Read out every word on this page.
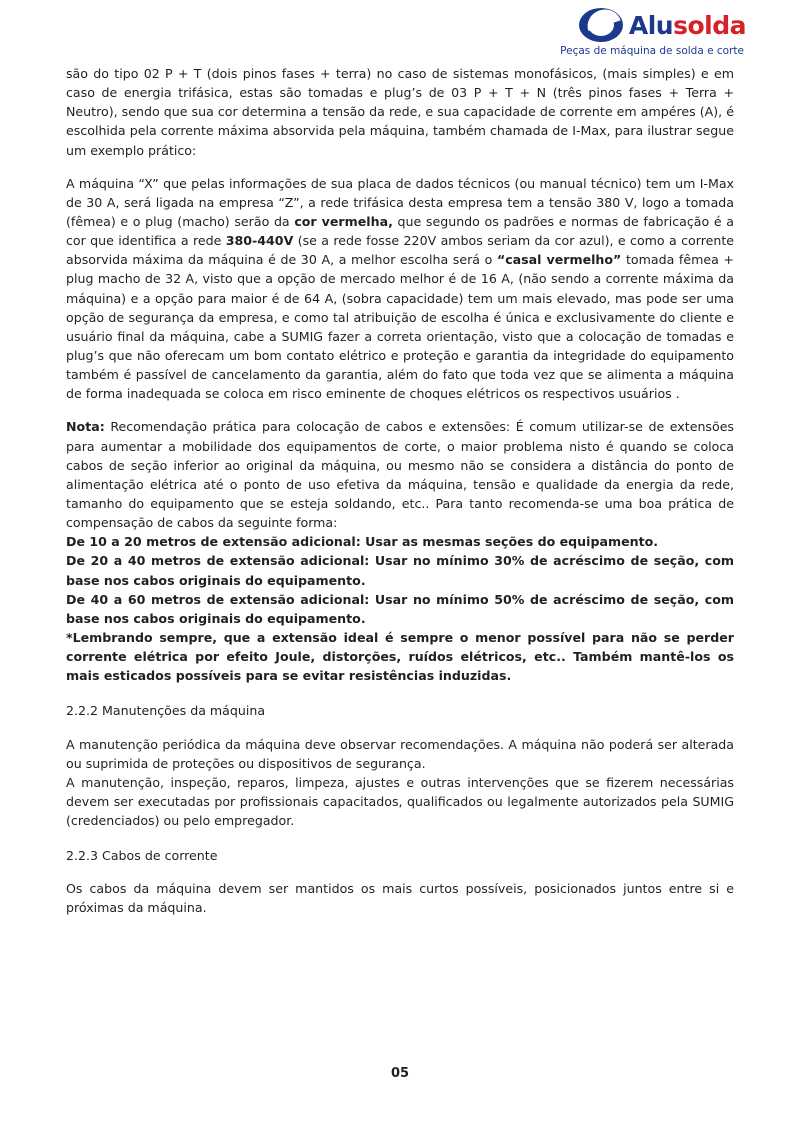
Alusolda
Peças de máquina de solda e corte

são do tipo 02 P + T (dois pinos fases + terra) no caso de sistemas monofásicos, (mais simples) e em caso de energia trifásica, estas são tomadas e plug’s de 03 P + T + N (três pinos fases + Terra + Neutro), sendo que sua cor determina a tensão da rede, e sua capacidade de corrente em ampéres (A), é escolhida pela corrente máxima absorvida pela máquina, também chamada de I-Max, para ilustrar segue um exemplo prático:

A máquina “X” que pelas informações de sua placa de dados técnicos (ou manual técnico) tem um I-Max de 30 A, será ligada na empresa “Z”, a rede trifásica desta empresa tem a tensão 380 V, logo a tomada (fêmea) e o plug (macho) serão da cor vermelha, que segundo os padrões e normas de fabricação é a cor que identifica a rede 380-440V (se a rede fosse 220V ambos seriam da cor azul), e como a corrente absorvida máxima da máquina é de 30 A, a melhor escolha será o “casal vermelho” tomada fêmea + plug macho de 32 A, visto que a opção de mercado melhor é de 16 A, (não sendo a corrente máxima da máquina) e a opção para maior é de 64 A, (sobra capacidade) tem um mais elevado, mas pode ser uma opção de segurança da empresa, e como tal atribuição de escolha é única e exclusivamente do cliente e usuário final da máquina, cabe a SUMIG fazer a correta orientação, visto que a colocação de tomadas e plug’s que não oferecam um bom contato elétrico e proteção e garantia da integridade do equipamento também é passível de cancelamento da garantia, além do fato que toda vez que se alimenta a máquina de forma inadequada se coloca em risco eminente de choques elétricos os respectivos usuários .

Nota: Recomendação prática para colocação de cabos e extensões: É comum utilizar-se de extensões para aumentar a mobilidade dos equipamentos de corte, o maior problema nisto é quando se coloca cabos de seção inferior ao original da máquina, ou mesmo não se considera a distância do ponto de alimentação elétrica até o ponto de uso efetiva da máquina, tensão e qualidade da energia da rede, tamanho do equipamento que se esteja soldando, etc.. Para tanto recomenda-se uma boa prática de compensação de cabos da seguinte forma:

De 10 a 20 metros de extensão adicional: Usar as mesmas seções do equipamento.

De 20 a 40 metros de extensão adicional: Usar no mínimo 30% de acréscimo de seção, com base nos cabos originais do equipamento.

De 40 a 60 metros de extensão adicional: Usar no mínimo 50% de acréscimo de seção, com base nos cabos originais do equipamento.

*Lembrando sempre, que a extensão ideal é sempre o menor possível para não se perder corrente elétrica por efeito Joule, distorções, ruídos elétricos, etc.. Também mantê-los os mais esticados possíveis para se evitar resistências induzidas.

2.2.2 Manutenções da máquina

A manutenção periódica da máquina deve observar recomendações. A máquina não poderá ser alterada ou suprimida de proteções ou dispositivos de segurança.

A manutenção, inspeção, reparos, limpeza, ajustes e outras intervenções que se fizerem necessárias devem ser executadas por profissionais capacitados, qualificados ou legalmente autorizados pela SUMIG (credenciados) ou pelo empregador.

2.2.3 Cabos de corrente

Os cabos da máquina devem ser mantidos os mais curtos possíveis, posicionados juntos entre si e próximas da máquina.

05
